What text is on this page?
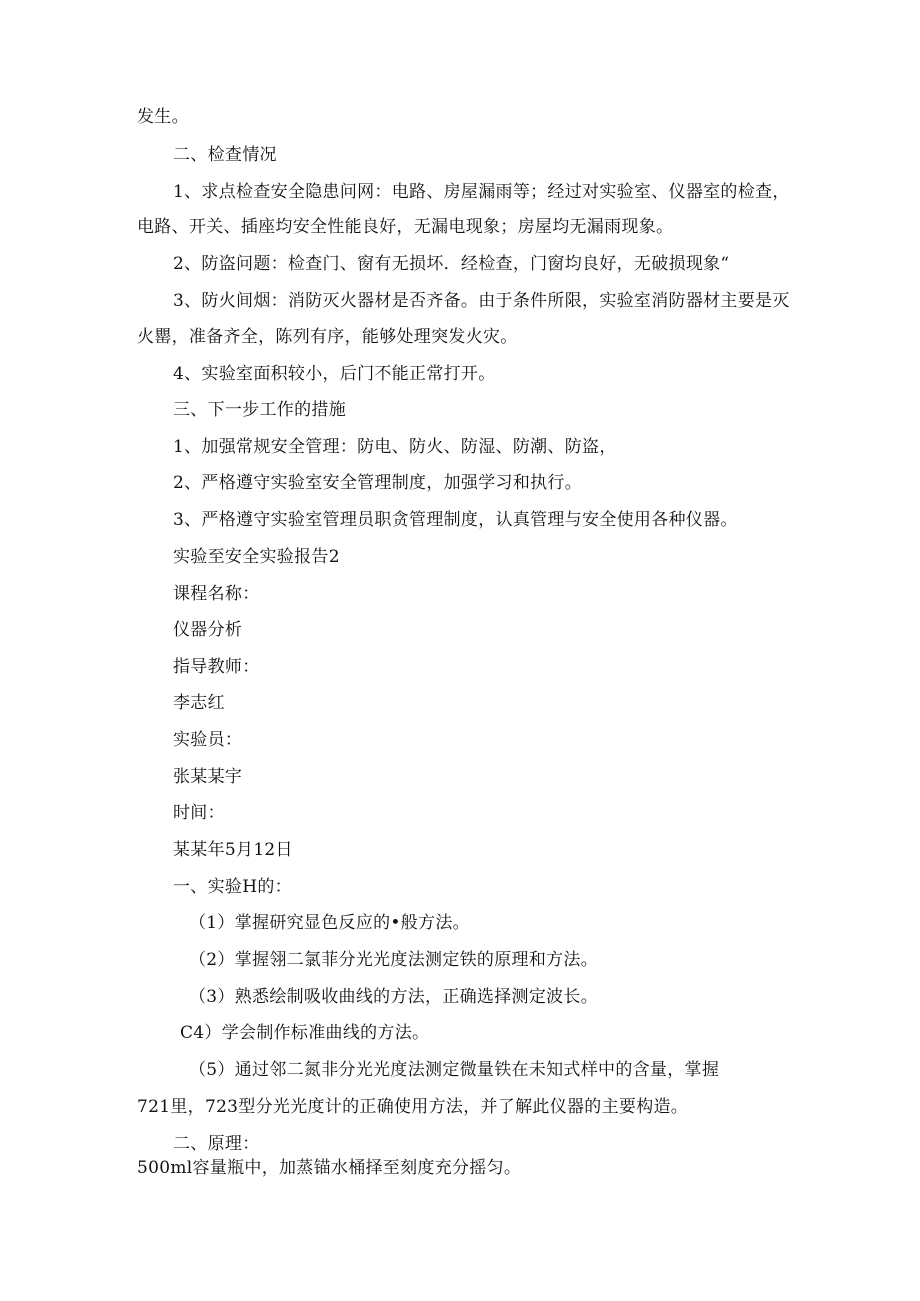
发生。
二、检查情况
1、求点检查安全隐患问网：电路、房屋漏雨等；经过对实验室、仪器室的检查，
电路、开关、插座均安全性能良好，无漏电现象；房屋均无漏雨现象。
2、防盗问题：检查门、窗有无损坏．经检查，门窗均良好，无破损现象“
3、防火间烟：消防灭火器材是否齐备。由于条件所限，实验室消防器材主要是灭
火罌，准备齐全，陈列有序，能够处理突发火灾。
4、实验室面积较小，后门不能正常打开。
三、下一步工作的措施
1、加强常规安全管理：防电、防火、防湿、防潮、防盗，
2、严格遵守实验室安全管理制度，加强学习和执行。
3、严格遵守实验室管理员职贪管理制度，认真管理与安全使用各种仪器。
实验至安全实验报告2
课程名称：
仪器分析
指导教师：
李志红
实验员：
张某某宇
时间：
某某年5月12日
一、实验H的：
（1）掌握研究显色反应的•般方法。
（2）掌握翎二氯菲分光光度法测定铁的原理和方法。
（3）熟悉绘制吸收曲线的方法，正确选择测定波长。
C4）学会制作标准曲线的方法。
（5）通过邻二氮非分光光度法测定微量铁在未知式样中的含量，掌握
721里，723型分光光度计的正确使用方法，并了解此仪器的主要构造。
二、原理：
500ml容量瓶中，加蒸锚水桶择至刻度充分摇匀。
